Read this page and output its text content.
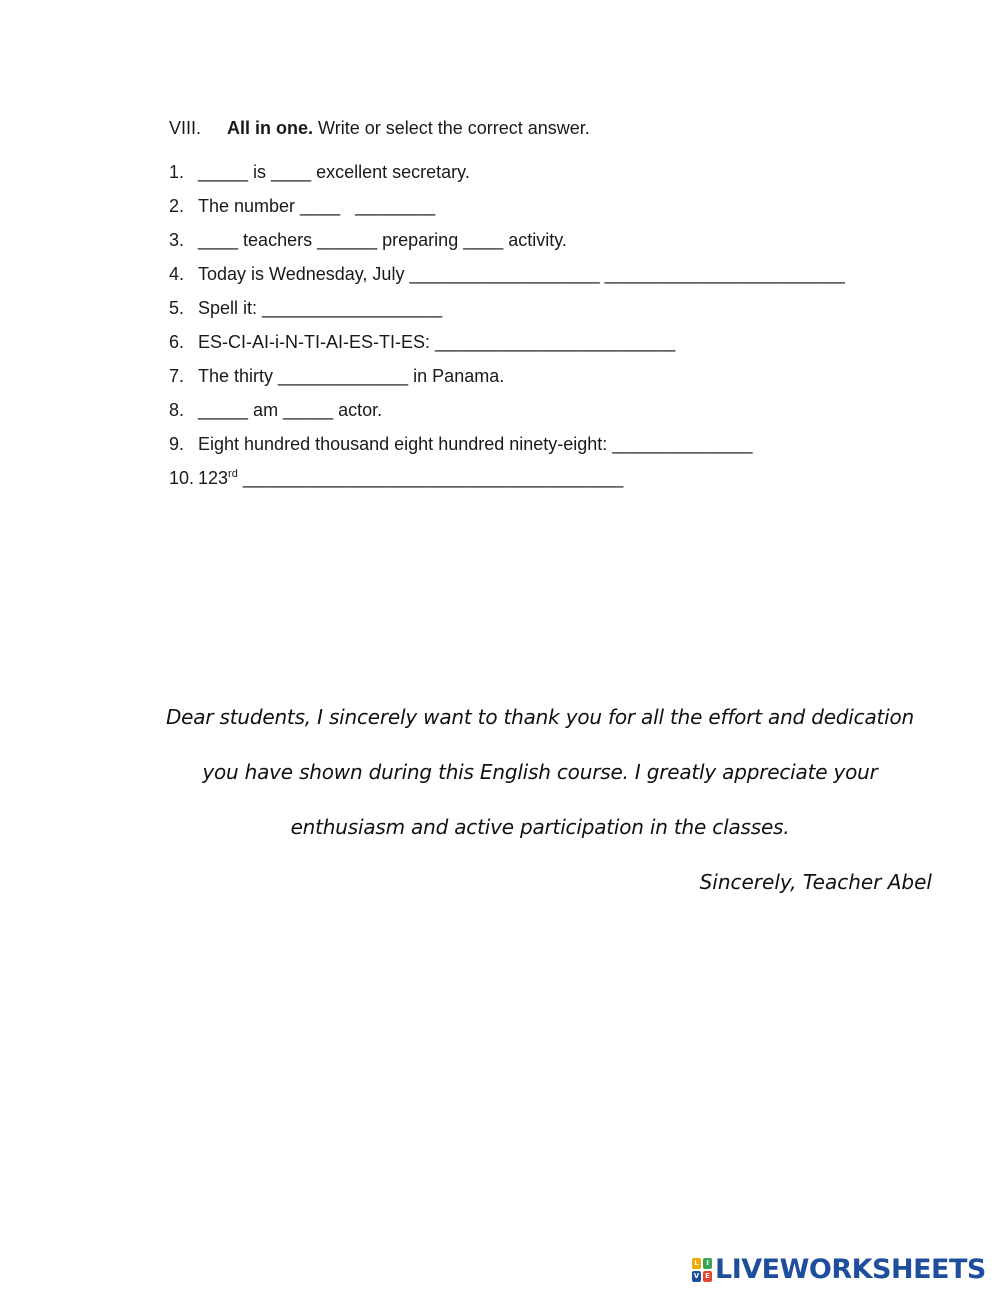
VIII. All in one. Write or select the correct answer.
1. _____ is ____ excellent secretary.
2. The number ____   ________
3. ____ teachers ______ preparing ____ activity.
4. Today is Wednesday, July ___________________ ________________________
5. Spell it: __________________
6. ES-CI-AI-i-N-TI-AI-ES-TI-ES: ________________________
7. The thirty _____________ in Panama.
8. _____ am _____ actor.
9. Eight hundred thousand eight hundred ninety-eight: ______________
10. 123rd ______________________________________
Dear students, I sincerely want to thank you for all the effort and dedication
you have shown during this English course. I greatly appreciate your
enthusiasm and active participation in the classes.
Sincerely, Teacher Abel
L	I
V E LIVEWORKSHEETS
